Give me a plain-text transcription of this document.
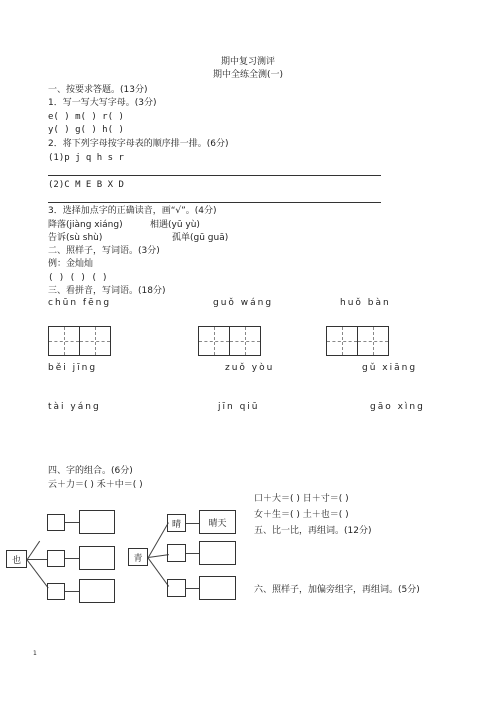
期中复习测评
期中全练全测(一)
一、按要求答题。(13分)
1．写一写大写字母。(3分)
e( ) m( ) r( )
y( ) g( ) h( )
2．将下列字母按字母表的顺序排一排。(6分)
(1)p j q h s r
(2)C M E B X D
3．选择加点字的正确读音，画“√”。(4分)
降落(jiàng xiáng)	相遇(yū yù)
告诉(sù shù)	孤单(gū guā)
二、照样子，写词语。(3分)
例：金灿灿
( ) ( ) ( )
三、看拼音，写词语。(18分)
chūn fēng	guǒ wáng	huǒ bàn
běi jīng	zuǒ yòu	gǔ xiāng
tài yáng	jīn qiū	gāo xìng
四、字的组合。(6分)
云＋力＝( ) 禾＋中＝( )
口＋大＝( ) 日＋寸＝( )
女＋生＝( ) 土＋也＝( )
五、比一比，再组词。(12分)
也	青
晴	晴天
六、照样子，加偏旁组字，再组词。(5分)
1
